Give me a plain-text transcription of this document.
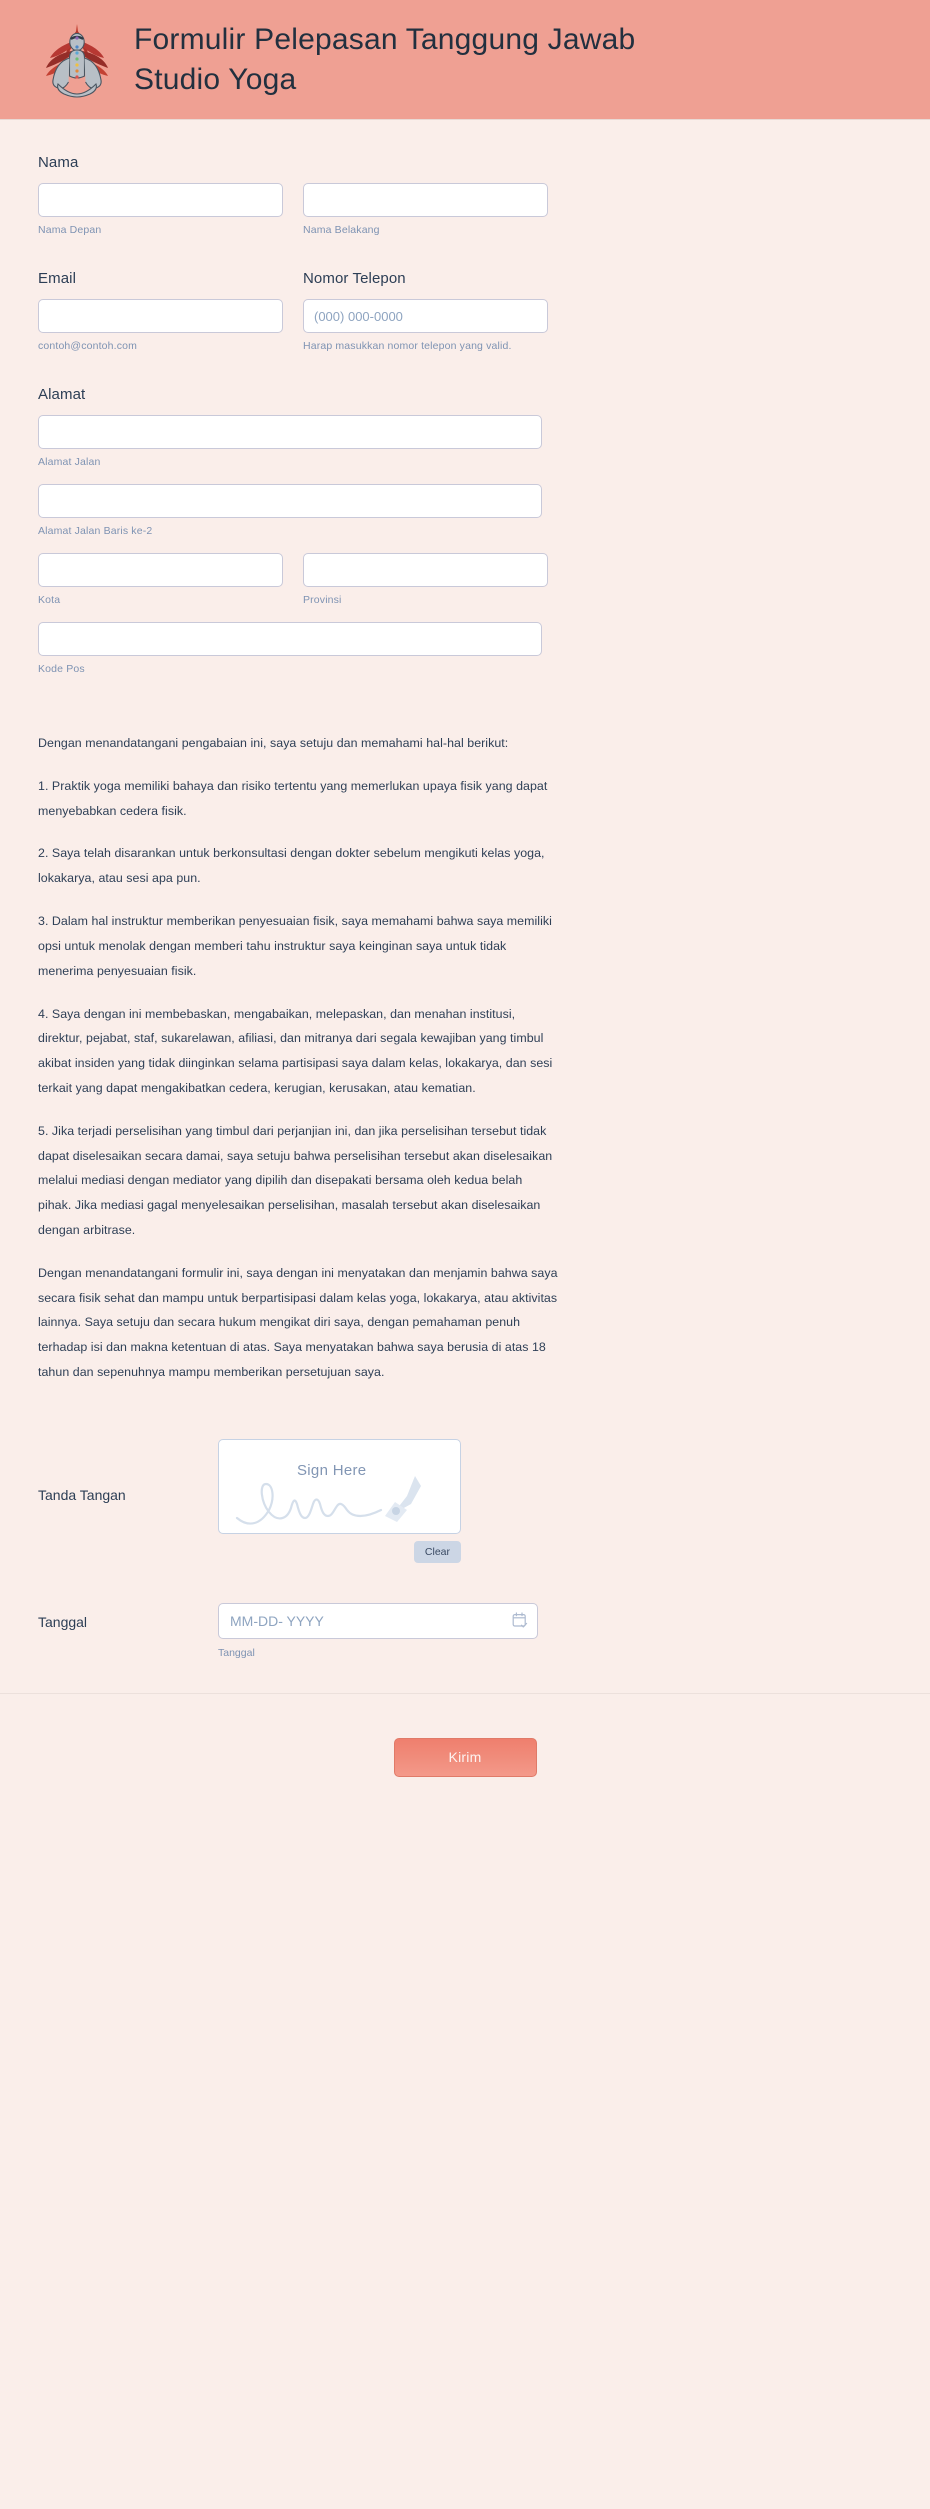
Formulir Pelepasan Tanggung Jawab Studio Yoga
Nama
Nama Depan	Nama Belakang
Email
contoh@contoh.com
Nomor Telepon
(000) 000-0000
Harap masukkan nomor telepon yang valid.
Alamat
Alamat Jalan
Alamat Jalan Baris ke-2
Kota	Provinsi
Kode Pos

Dengan menandatangani pengabaian ini, saya setuju dan memahami hal-hal berikut:

1. Praktik yoga memiliki bahaya dan risiko tertentu yang memerlukan upaya fisik yang dapat menyebabkan cedera fisik.

2. Saya telah disarankan untuk berkonsultasi dengan dokter sebelum mengikuti kelas yoga, lokakarya, atau sesi apa pun.

3. Dalam hal instruktur memberikan penyesuaian fisik, saya memahami bahwa saya memiliki opsi untuk menolak dengan memberi tahu instruktur saya keinginan saya untuk tidak menerima penyesuaian fisik.

4. Saya dengan ini membebaskan, mengabaikan, melepaskan, dan menahan institusi, direktur, pejabat, staf, sukarelawan, afiliasi, dan mitranya dari segala kewajiban yang timbul akibat insiden yang tidak diinginkan selama partisipasi saya dalam kelas, lokakarya, dan sesi terkait yang dapat mengakibatkan cedera, kerugian, kerusakan, atau kematian.

5. Jika terjadi perselisihan yang timbul dari perjanjian ini, dan jika perselisihan tersebut tidak dapat diselesaikan secara damai, saya setuju bahwa perselisihan tersebut akan diselesaikan melalui mediasi dengan mediator yang dipilih dan disepakati bersama oleh kedua belah pihak. Jika mediasi gagal menyelesaikan perselisihan, masalah tersebut akan diselesaikan dengan arbitrase.

Dengan menandatangani formulir ini, saya dengan ini menyatakan dan menjamin bahwa saya secara fisik sehat dan mampu untuk berpartisipasi dalam kelas yoga, lokakarya, atau aktivitas lainnya. Saya setuju dan secara hukum mengikat diri saya, dengan pemahaman penuh terhadap isi dan makna ketentuan di atas. Saya menyatakan bahwa saya berusia di atas 18 tahun dan sepenuhnya mampu memberikan persetujuan saya.

Tanda Tangan
Sign Here
Clear
Tanggal
MM-DD- YYYY
Tanggal
Kirim
